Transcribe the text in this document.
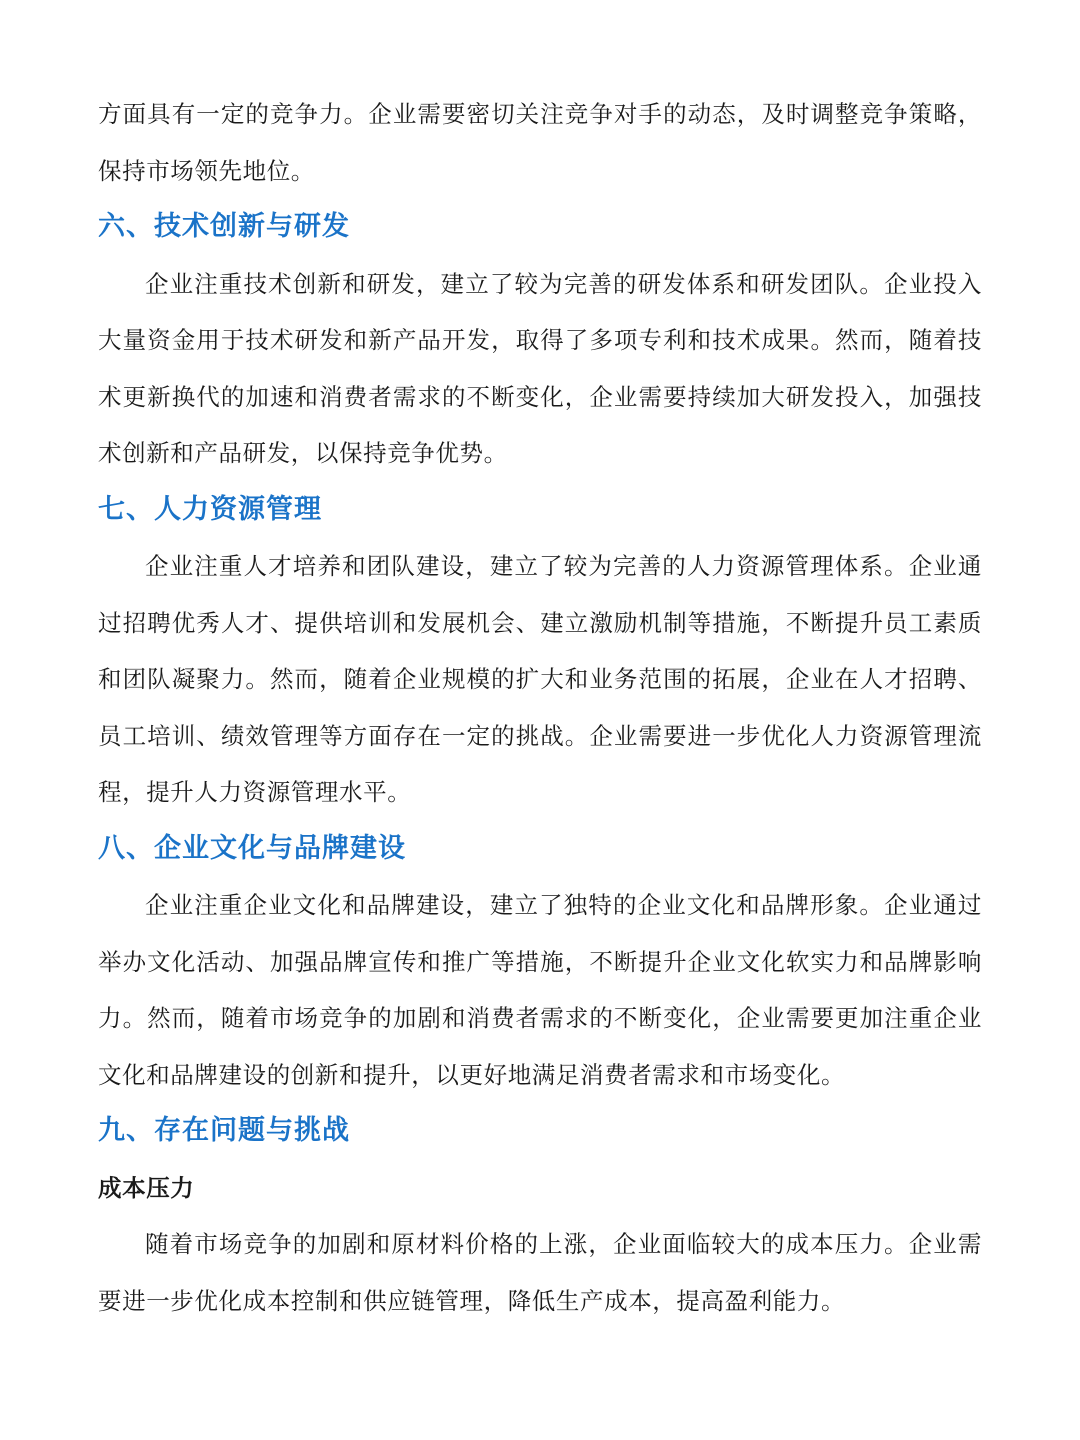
方面具有一定的竞争力。企业需要密切关注竞争对手的动态，及时调整竞争策略，保持市场领先地位。

六、技术创新与研发

企业注重技术创新和研发，建立了较为完善的研发体系和研发团队。企业投入大量资金用于技术研发和新产品开发，取得了多项专利和技术成果。然而，随着技术更新换代的加速和消费者需求的不断变化，企业需要持续加大研发投入，加强技术创新和产品研发，以保持竞争优势。

七、人力资源管理

企业注重人才培养和团队建设，建立了较为完善的人力资源管理体系。企业通过招聘优秀人才、提供培训和发展机会、建立激励机制等措施，不断提升员工素质和团队凝聚力。然而，随着企业规模的扩大和业务范围的拓展，企业在人才招聘、员工培训、绩效管理等方面存在一定的挑战。企业需要进一步优化人力资源管理流程，提升人力资源管理水平。

八、企业文化与品牌建设

企业注重企业文化和品牌建设，建立了独特的企业文化和品牌形象。企业通过举办文化活动、加强品牌宣传和推广等措施，不断提升企业文化软实力和品牌影响力。然而，随着市场竞争的加剧和消费者需求的不断变化，企业需要更加注重企业文化和品牌建设的创新和提升，以更好地满足消费者需求和市场变化。

九、存在问题与挑战
成本压力

随着市场竞争的加剧和原材料价格的上涨，企业面临较大的成本压力。企业需要进一步优化成本控制和供应链管理，降低生产成本，提高盈利能力。
